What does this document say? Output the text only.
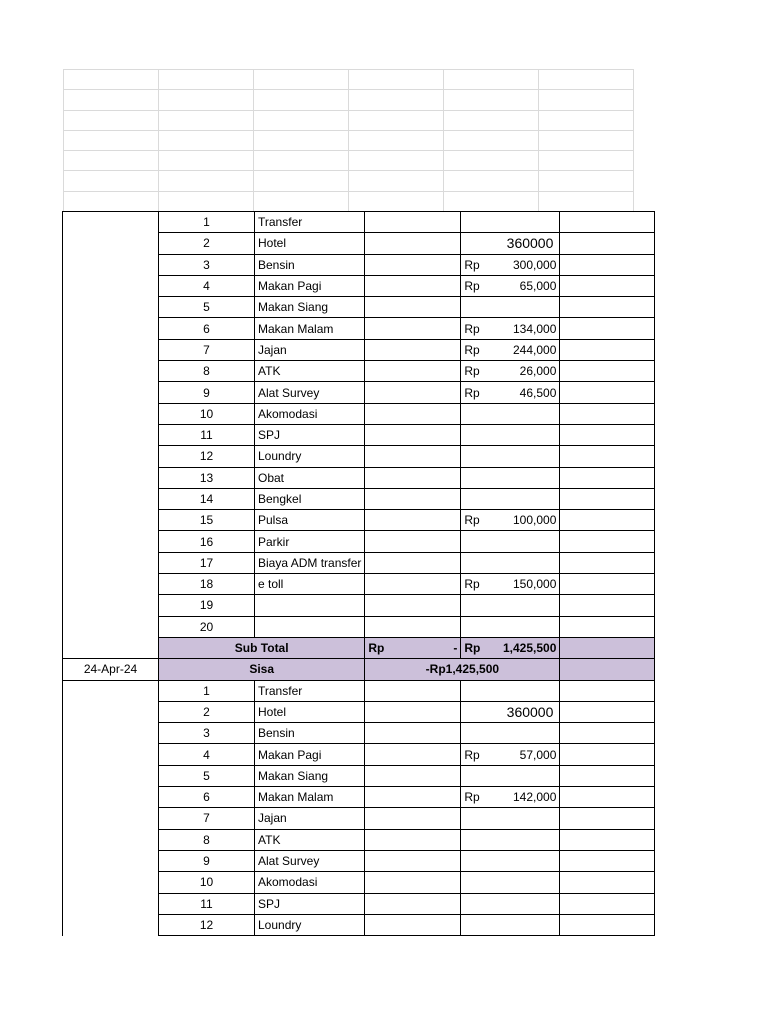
	1	Transfer			
	2	Hotel		360000	
	3	Bensin		Rp 300,000	

	4	Makan Pagi		Rp 65,000	

	5	Makan Siang			
	6	Makan Malam		Rp 134,000	

	7	Jajan		Rp 244,000	

	8	ATK		Rp 26,000	

	9	Alat Survey		Rp 46,500	

	10	Akomodasi			
	11	SPJ			
	12	Loundry			
	13	Obat			
	14	Bengkel			
	15	Pulsa		Rp 100,000	

	16	Parkir			
	17	Biaya ADM transfer			
	18	e toll		Rp 150,000	

	19				
	20				
	Sub Total		Rp -	Rp 1,425,500	

24-Apr-24	Sisa		-Rp1,425,500		
	1	Transfer			
	2	Hotel		360000	
	3	Bensin			
	4	Makan Pagi		Rp 57,000	

	5	Makan Siang			
	6	Makan Malam		Rp 142,000	

	7	Jajan			
	8	ATK			
	9	Alat Survey			
	10	Akomodasi			
	11	SPJ			
	12	Loundry			
